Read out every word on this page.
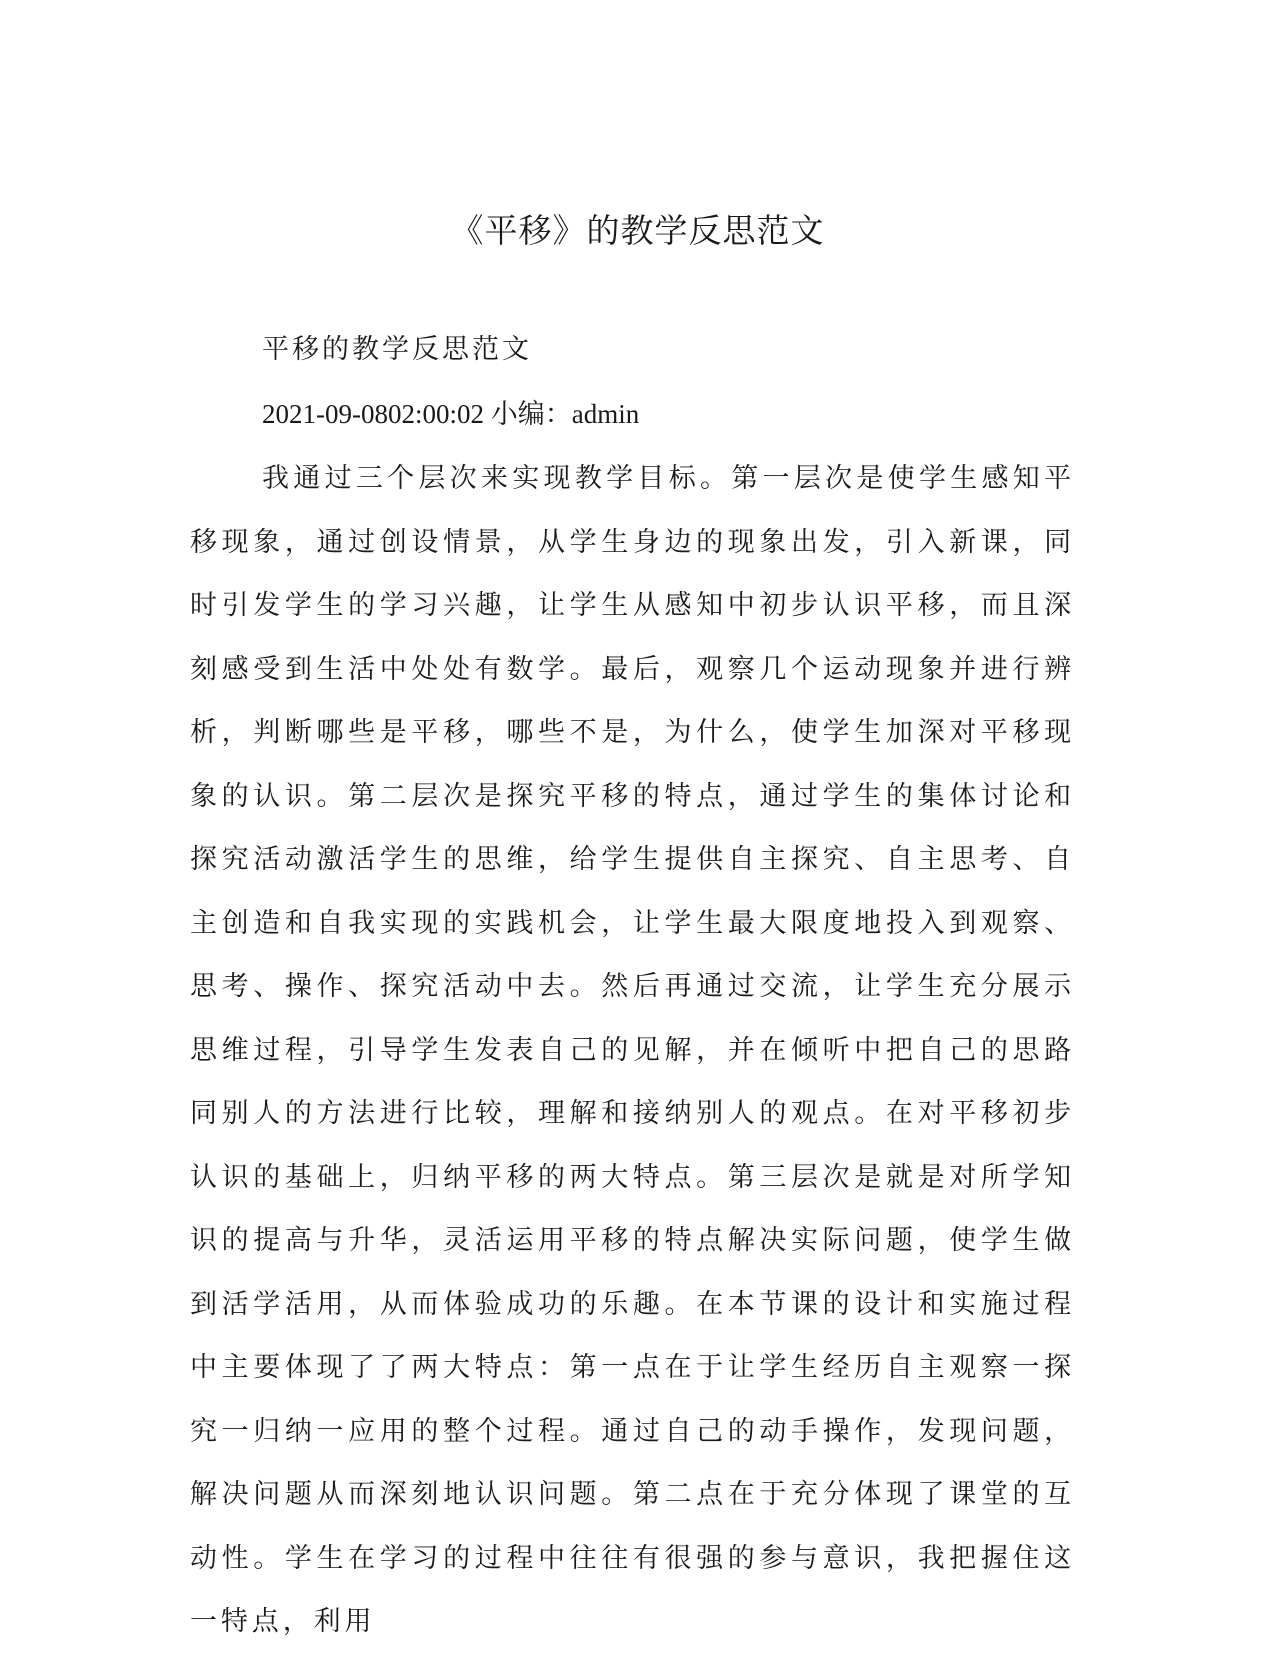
《平移》的教学反思范文

平移的教学反思范文

2021-09-0802:00:02 小编：admin

我通过三个层次来实现教学目标。第一层次是使学生感知平移现象，通过创设情景，从学生身边的现象出发，引入新课，同时引发学生的学习兴趣，让学生从感知中初步认识平移，而且深刻感受到生活中处处有数学。最后，观察几个运动现象并进行辨析，判断哪些是平移，哪些不是，为什么，使学生加深对平移现象的认识。第二层次是探究平移的特点，通过学生的集体讨论和探究活动激活学生的思维，给学生提供自主探究、自主思考、自主创造和自我实现的实践机会，让学生最大限度地投入到观察、思考、操作、探究活动中去。然后再通过交流，让学生充分展示思维过程，引导学生发表自己的见解，并在倾听中把自己的思路同别人的方法进行比较，理解和接纳别人的观点。在对平移初步认识的基础上，归纳平移的两大特点。第三层次是就是对所学知识的提高与升华，灵活运用平移的特点解决实际问题，使学生做到活学活用，从而体验成功的乐趣。在本节课的设计和实施过程中主要体现了了两大特点：第一点在于让学生经历自主观察一探究一归纳一应用的整个过程。通过自己的动手操作，发现问题，解决问题从而深刻地认识问题。第二点在于充分体现了课堂的互动性。学生在学习的过程中往往有很强的参与意识，我把握住这一特点，利用
